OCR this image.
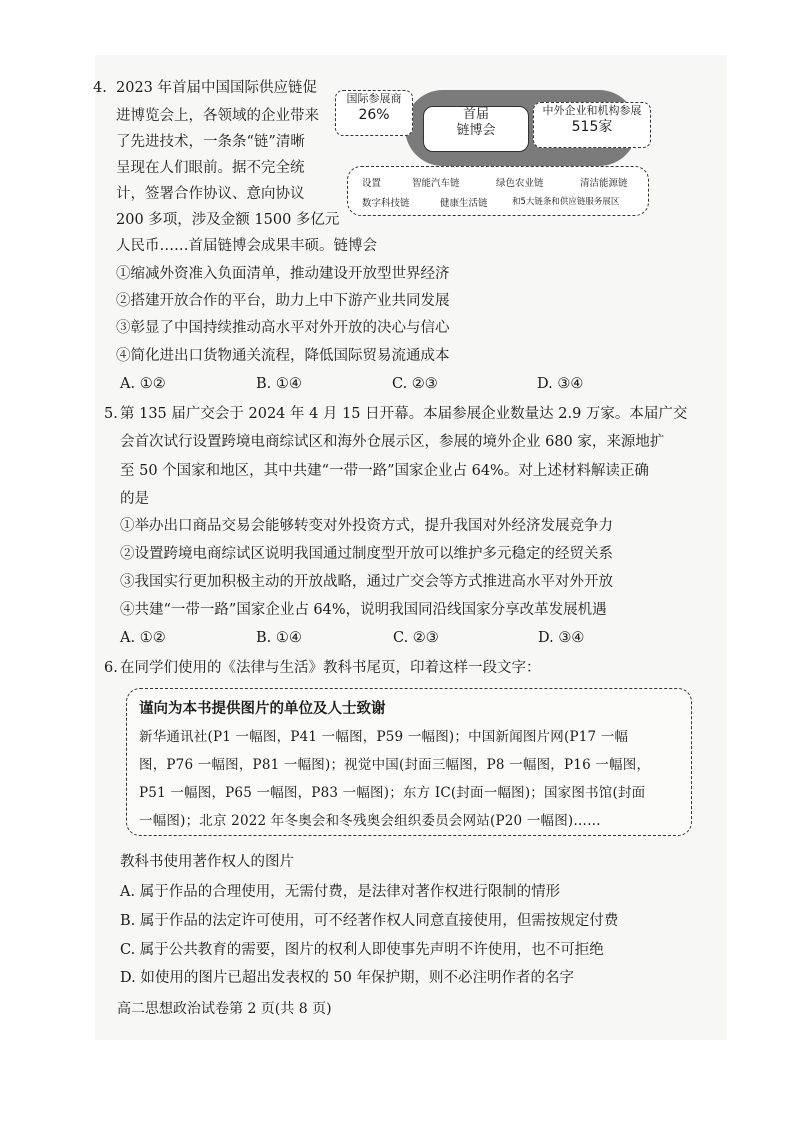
4. 2023 年首届中国国际供应链促
进博览会上，各领域的企业带来
了先进技术，一条条“链”清晰
呈现在人们眼前。据不完全统
计，签署合作协议、意向协议
200 多项，涉及金额 1500 多亿元
人民币……首届链博会成果丰硕。链博会
国际参展商
26%	首届
链博会
中外企业和机构参展
515家
设置	智能汽车链	绿色农业链	清洁能源链
数字科技链	健康生活链	和5大链条和供应链服务展区
①缩减外资准入负面清单，推动建设开放型世界经济
②搭建开放合作的平台，助力上中下游产业共同发展
③彰显了中国持续推动高水平对外开放的决心与信心
④简化进出口货物通关流程，降低国际贸易流通成本
A. ①②	B. ①④	C. ②③	D. ③④
5. 第 135 届广交会于 2024 年 4 月 15 日开幕。本届参展企业数量达 2.9 万家。本届广交
会首次试行设置跨境电商综试区和海外仓展示区，参展的境外企业 680 家，来源地扩
至 50 个国家和地区，其中共建“一带一路”国家企业占 64%。对上述材料解读正确
的是
①举办出口商品交易会能够转变对外投资方式，提升我国对外经济发展竞争力
②设置跨境电商综试区说明我国通过制度型开放可以维护多元稳定的经贸关系
③我国实行更加积极主动的开放战略，通过广交会等方式推进高水平对外开放
④共建“一带一路”国家企业占 64%，说明我国同沿线国家分享改革发展机遇
A. ①②	B. ①④	C. ②③	D. ③④
6. 在同学们使用的《法律与生活》教科书尾页，印着这样一段文字：
谨向为本书提供图片的单位及人士致谢
新华通讯社(P1 一幅图，P41 一幅图，P59 一幅图)；中国新闻图片网(P17 一幅
图，P76 一幅图，P81 一幅图)；视觉中国(封面三幅图，P8 一幅图，P16 一幅图，
P51 一幅图，P65 一幅图，P83 一幅图)；东方 IC(封面一幅图)；国家图书馆(封面
一幅图)；北京 2022 年冬奥会和冬残奥会组织委员会网站(P20 一幅图)……
教科书使用著作权人的图片
A. 属于作品的合理使用，无需付费，是法律对著作权进行限制的情形
B. 属于作品的法定许可使用，可不经著作权人同意直接使用，但需按规定付费
C. 属于公共教育的需要，图片的权利人即使事先声明不许使用，也不可拒绝
D. 如使用的图片已超出发表权的 50 年保护期，则不必注明作者的名字
高二思想政治试卷第 2 页(共 8 页)
